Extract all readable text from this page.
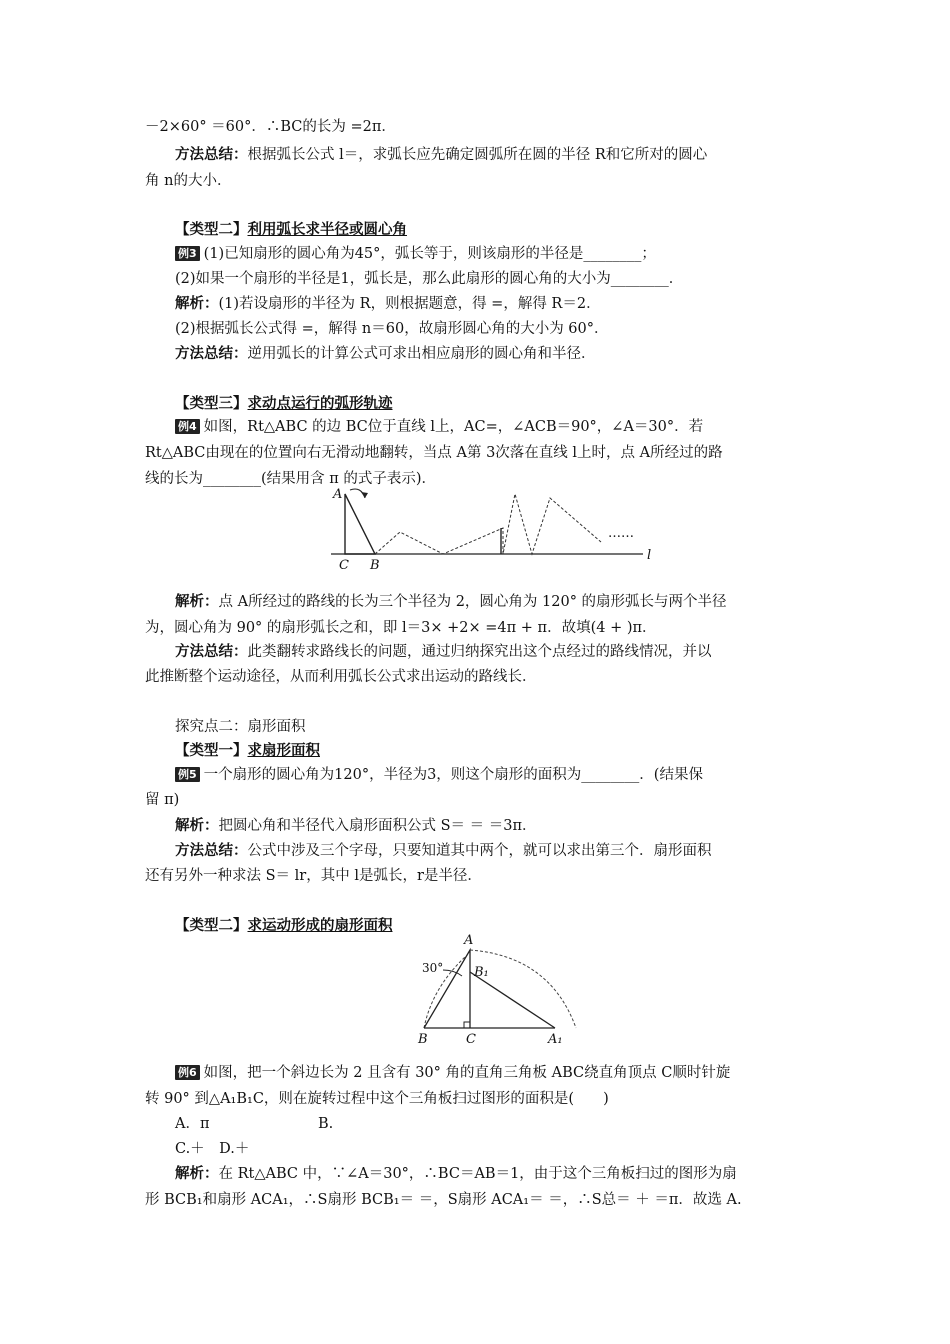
－2×60° ＝60°．∴BC的长为 =2π．
方法总结：根据弧长公式 l＝，求弧长应先确定圆弧所在圆的半径 R和它所对的圆心
角 n的大小．
【类型二】利用弧长求半径或圆心角
例3 (1)已知扇形的圆心角为45°，弧长等于，则该扇形的半径是________；
(2)如果一个扇形的半径是1，弧长是，那么此扇形的圆心角的大小为________．
解析：(1)若设扇形的半径为 R，则根据题意，得 =，解得 R＝2．
(2)根据弧长公式得 =，解得 n＝60，故扇形圆心角的大小为 60°．
方法总结：逆用弧长的计算公式可求出相应扇形的圆心角和半径．
【类型三】求动点运行的弧形轨迹
例4 如图，Rt△ABC 的边 BC位于直线 l上，AC=，∠ACB＝90°，∠A＝30°．若
Rt△ABC由现在的位置向右无滑动地翻转，当点 A第 3次落在直线 l上时，点 A所经过的路
线的长为________(结果用含 π 的式子表示)．
A
C B
……
l
解析：点 A所经过的路线的长为三个半径为 2，圆心角为 120° 的扇形弧长与两个半径
为，圆心角为 90° 的扇形弧长之和，即 l＝3× +2× =4π + π．故填(4 + )π．
方法总结：此类翻转求路线长的问题，通过归纳探究出这个点经过的路线情况，并以
此推断整个运动途径，从而利用弧长公式求出运动的路线长．
探究点二：扇形面积
【类型一】求扇形面积
例5 一个扇形的圆心角为120°，半径为3，则这个扇形的面积为________．(结果保
留 π)
解析：把圆心角和半径代入扇形面积公式 S＝ ＝ ＝3π．
方法总结：公式中涉及三个字母，只要知道其中两个，就可以求出第三个．扇形面积
还有另外一种求法 S＝ lr，其中 l是弧长，r是半径．
【类型二】求运动形成的扇形面积
A
30°
B
B₁
C	A₁
例6 如图，把一个斜边长为 2 且含有 30° 角的直角三角板 ABC绕直角顶点 C顺时针旋
转 90° 到△A₁B₁C，则在旋转过程中这个三角板扫过图形的面积是(　　)
A．π	B.
C.＋　D.＋
解析：在 Rt△ABC 中，∵∠A＝30°，∴BC＝AB＝1，由于这个三角板扫过的图形为扇
形 BCB₁和扇形 ACA₁，∴S扇形 BCB₁＝ ＝，S扇形 ACA₁＝ ＝，∴S总＝ ＋ ＝π．故选 A.
